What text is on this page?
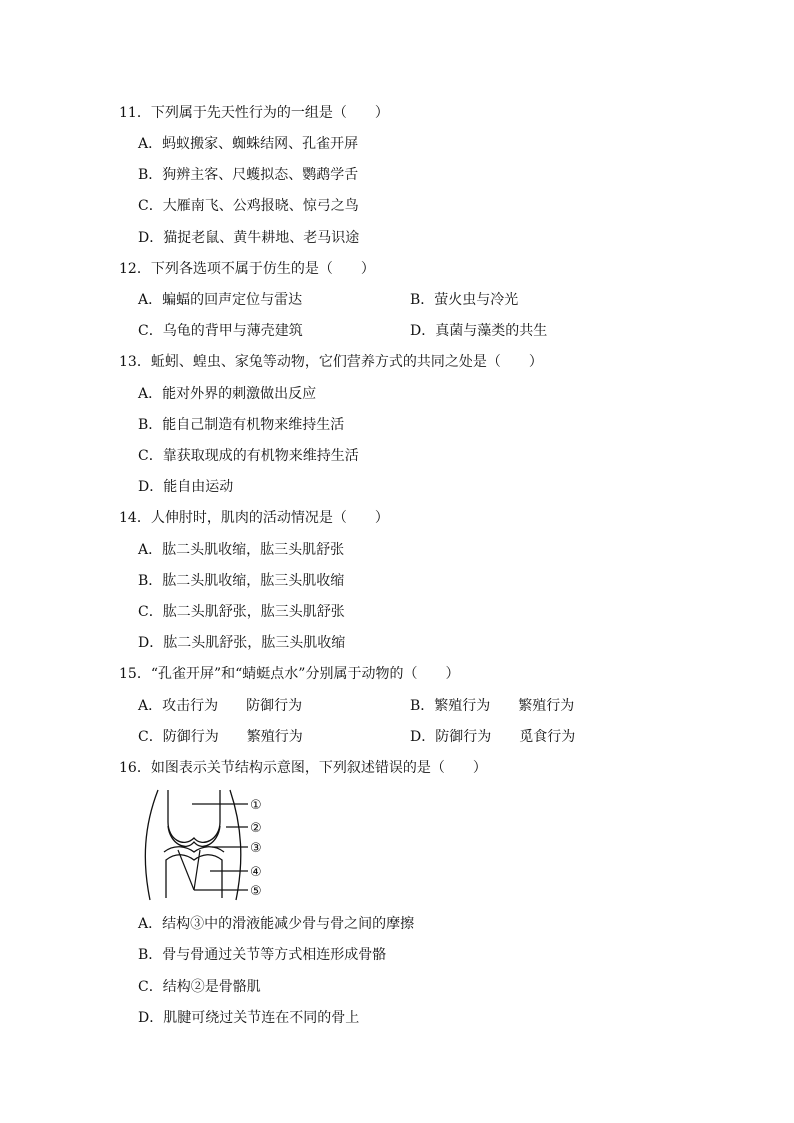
11．下列属于先天性行为的一组是（　　）
A．蚂蚁搬家、蜘蛛结网、孔雀开屏
B．狗辨主客、尺蠖拟态、鹦鹉学舌
C．大雁南飞、公鸡报晓、惊弓之鸟
D．猫捉老鼠、黄牛耕地、老马识途
12．下列各选项不属于仿生的是（　　）
A．蝙蝠的回声定位与雷达	B．萤火虫与冷光
C．乌龟的背甲与薄壳建筑	D．真菌与藻类的共生
13．蚯蚓、蝗虫、家兔等动物，它们营养方式的共同之处是（　　）
A．能对外界的刺激做出反应
B．能自己制造有机物来维持生活
C．靠获取现成的有机物来维持生活
D．能自由运动
14．人伸肘时，肌肉的活动情况是（　　）
A．肱二头肌收缩，肱三头肌舒张
B．肱二头肌收缩，肱三头肌收缩
C．肱二头肌舒张，肱三头肌舒张
D．肱二头肌舒张，肱三头肌收缩
15．“孔雀开屏”和“蜻蜓点水”分别属于动物的（　　）
A．攻击行为　　防御行为	B．繁殖行为　　繁殖行为
C．防御行为　　繁殖行为	D．防御行为　　觅食行为
16．如图表示关节结构示意图，下列叙述错误的是（　　）
①
②
③
④
⑤
A．结构③中的滑液能减少骨与骨之间的摩擦
B．骨与骨通过关节等方式相连形成骨骼
C．结构②是骨骼肌
D．肌腱可绕过关节连在不同的骨上
